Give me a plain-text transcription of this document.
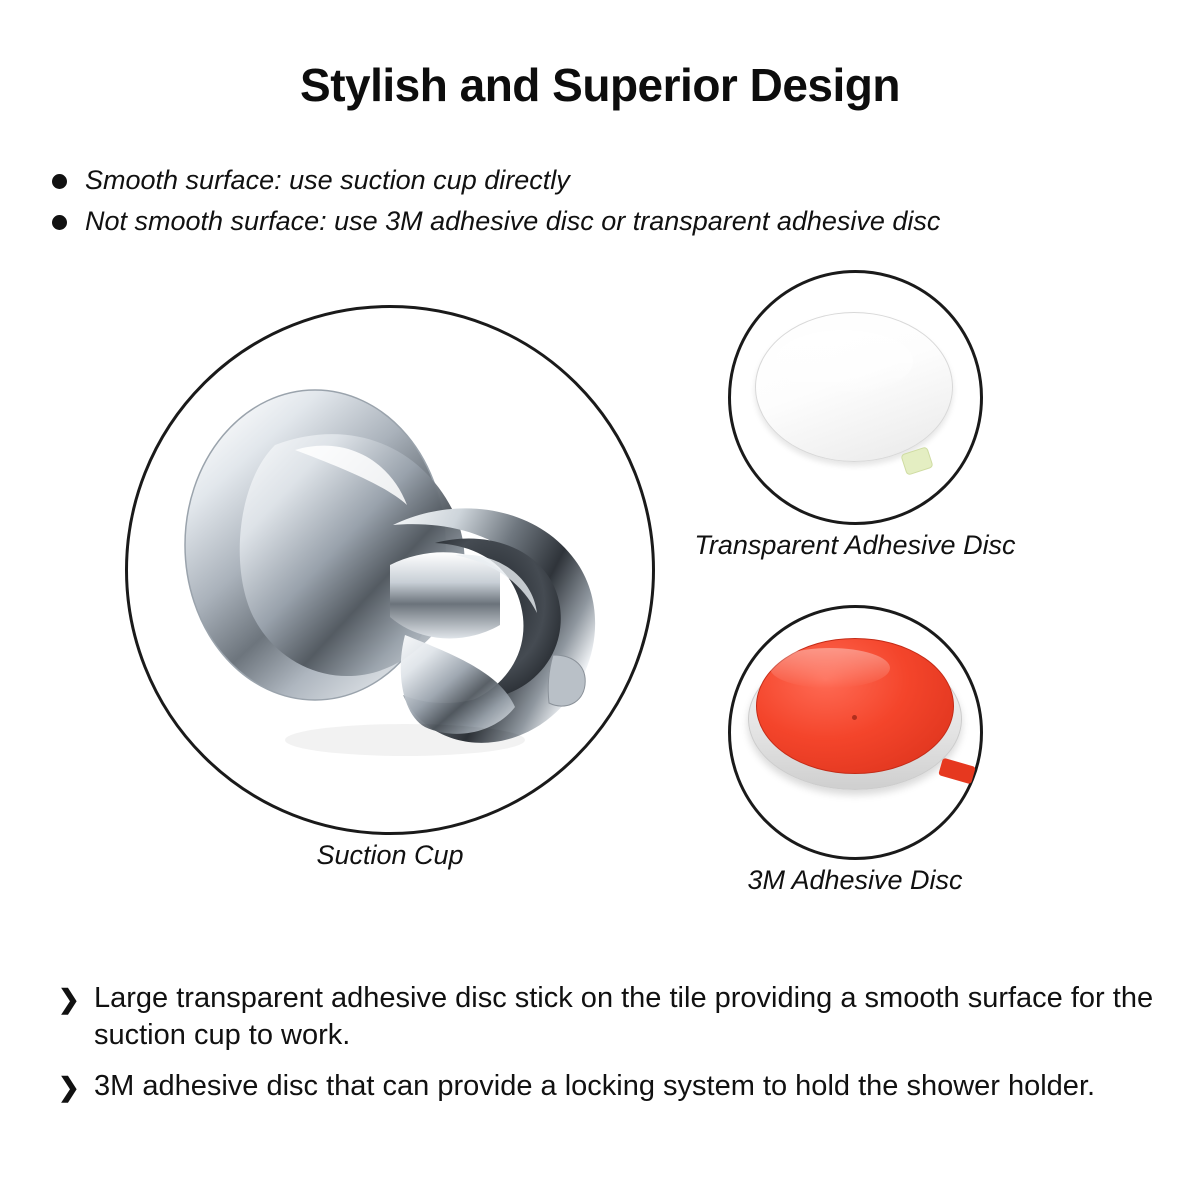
Stylish and Superior Design
Smooth surface: use suction cup directly
Not smooth surface: use 3M adhesive disc or transparent adhesive disc
Suction Cup
Transparent Adhesive Disc
3M Adhesive Disc
❯ Large transparent adhesive disc stick on the tile providing a smooth surface for the suction cup to work.
❯ 3M adhesive disc that can provide a locking system to hold the shower holder.
